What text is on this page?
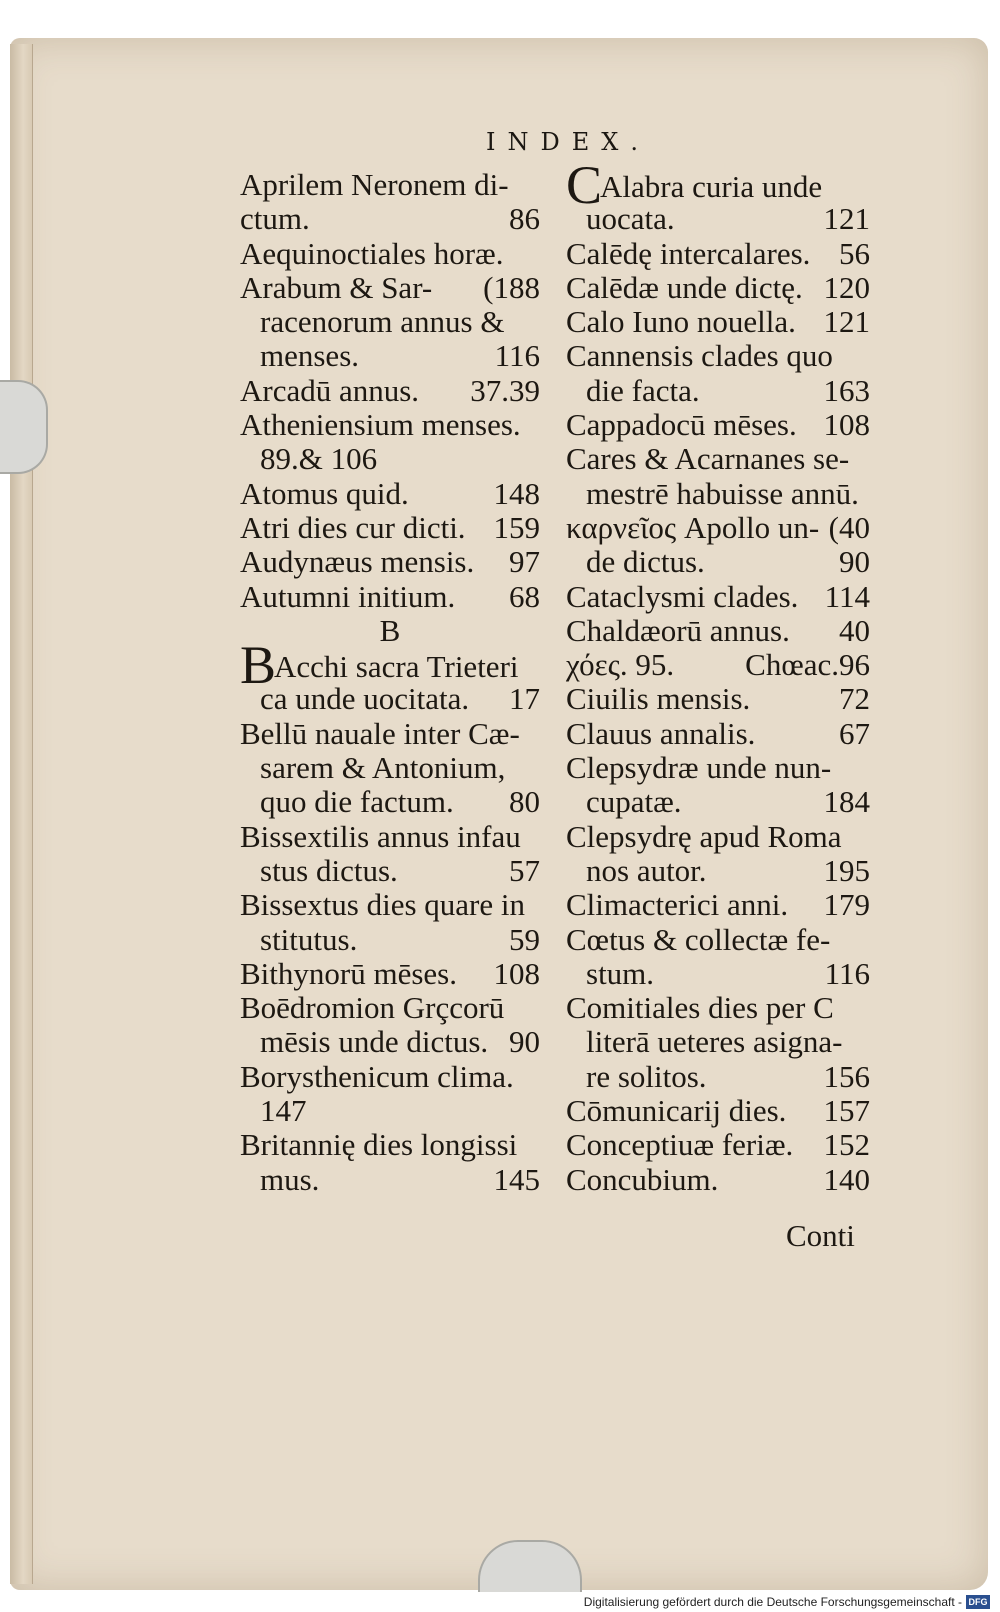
INDEX.
Aprilem Neronem di-
ctum.	86
Aequinoctiales horæ.
Arabum & Sar- (188
racenorum annus &
menses.	116
Arcadū annus. 37.39
Atheniensium menses.
89.& 106
Atomus quid.	148
Atri dies cur dicti. 159
Audynæus mensis. 97
Autumni initium. 68
B
BAcchi sacra Trieteri
ca unde uocitata. 17
Bellū nauale inter Cæ-
sarem & Antonium,
quo die factum. 80
Bissextilis annus infau
stus dictus.	57
Bissextus dies quare in
stitutus.	59
Bithynorū mēses. 108
Boēdromion Grçcorū
mēsis unde dictus. 90
Borysthenicum clima.
147
Britannię dies longissi
mus.	145
CAlabra curia unde
uocata.	121
Calēdę intercalares. 56
Calēdæ unde dictę. 120
Calo Iuno nouella. 121
Cannensis clades quo
die facta.	163
Cappadocū mēses. 108
Cares & Acarnanes se-
mestrē habuisse annū.
καρνεῖος Apollo un- (40
de dictus.	90
Cataclysmi clades. 114
Chaldæorū annus. 40
χόες. 95. Chœac.96
Ciuilis mensis.	72
Clauus annalis.	67
Clepsydræ unde nun-
cupatæ.	184
Clepsydrę apud Roma
nos autor.	195
Climacterici anni. 179
Cœtus & collectæ fe-
stum.	116
Comitiales dies per C
literā ueteres asigna-
re solitos.	156
Cōmunicarij dies. 157
Conceptiuæ feriæ. 152
Concubium.	140
Conti
Digitalisierung gefördert durch die Deutsche Forschungsgemeinschaft - DFG
